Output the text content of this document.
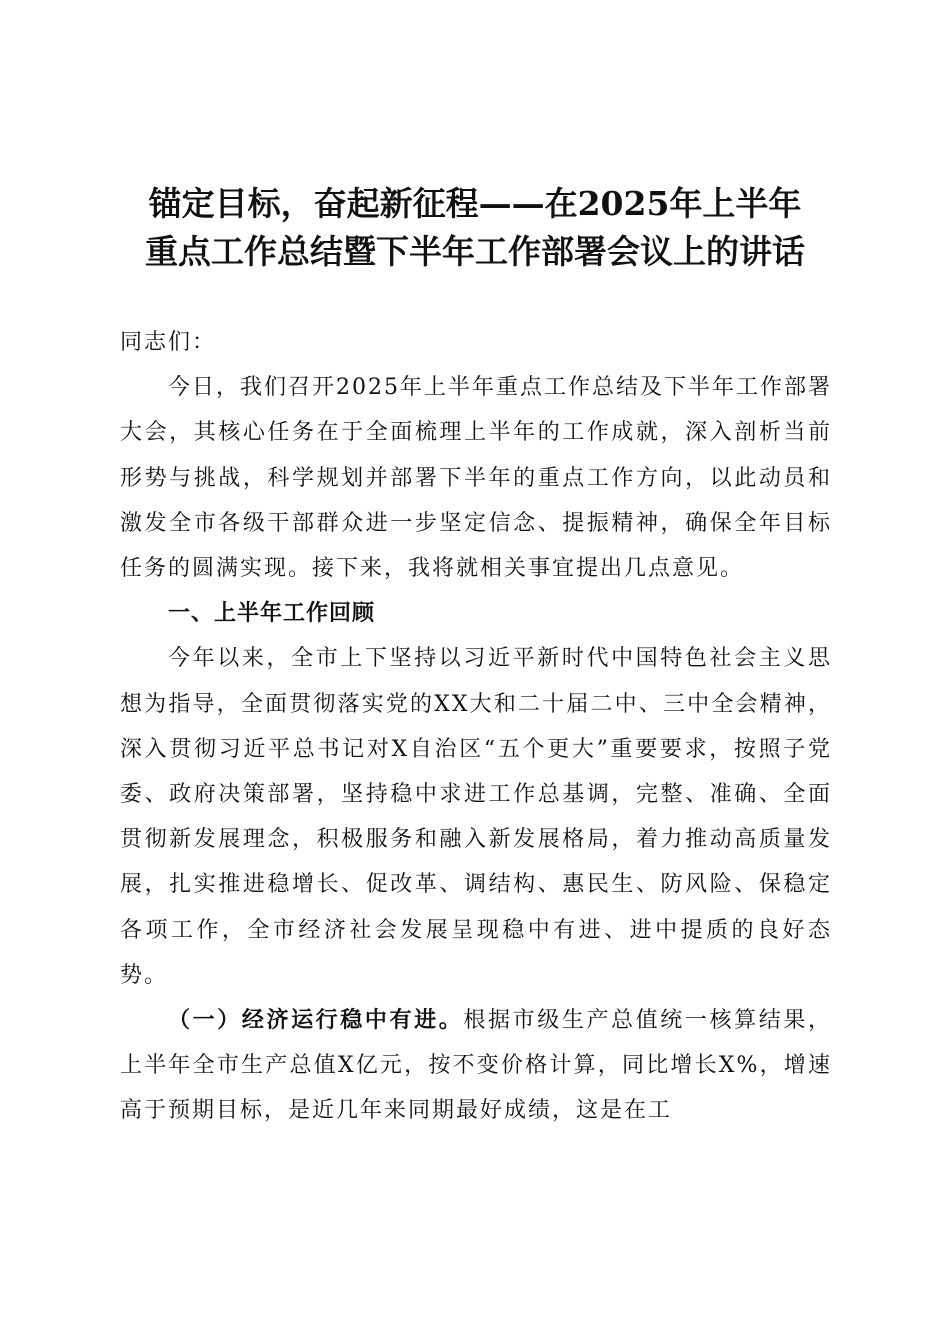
锚定目标，奋起新征程——在2025年上半年
重点工作总结暨下半年工作部署会议上的讲话

同志们：

今日，我们召开2025年上半年重点工作总结及下半年工作部署大会，其核心任务在于全面梳理上半年的工作成就，深入剖析当前形势与挑战，科学规划并部署下半年的重点工作方向，以此动员和激发全市各级干部群众进一步坚定信念、提振精神，确保全年目标任务的圆满实现。接下来，我将就相关事宜提出几点意见。

一、上半年工作回顾

今年以来，全市上下坚持以习近平新时代中国特色社会主义思想为指导，全面贯彻落实党的XX大和二十届二中、三中全会精神，深入贯彻习近平总书记对X自治区“五个更大”重要要求，按照子党委、政府决策部署，坚持稳中求进工作总基调，完整、准确、全面贯彻新发展理念，积极服务和融入新发展格局，着力推动高质量发展，扎实推进稳增长、促改革、调结构、惠民生、防风险、保稳定各项工作，全市经济社会发展呈现稳中有进、进中提质的良好态势。

（一）经济运行稳中有进。根据市级生产总值统一核算结果，上半年全市生产总值X亿元，按不变价格计算，同比增长X%，增速高于预期目标，是近几年来同期最好成绩，这是在工
